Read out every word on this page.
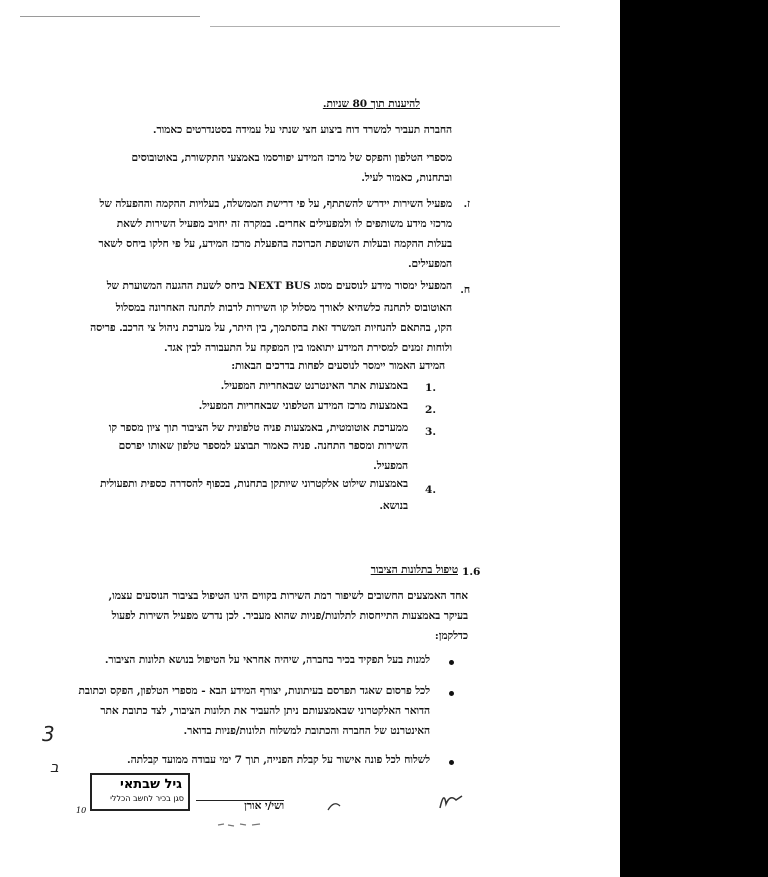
להיענות תוך 80 שניות.
החברה תעביר למשרד דוח ביצוע חצי שנתי על עמידה בסטנדרטים כאמור.
מספרי הטלפון והפקס של מרכז המידע יפורסמו באמצעי התקשורת, באוטובוסים
ובתחנות, כאמור לעיל.
ז.
מפעיל השירות יידרש להשתתף, על פי דרישת הממשלה, בעלויות ההקמה וההפעלה של
מרכזי מידע משותפים לו ולמפעילים אחרים. במקרה זה יחויב מפעיל השירות לשאת
בעלות ההקמה ובעלות השוטפת הכרוכה בהפעלת מרכז המידע, על פי חלקו ביחס לשאר
המפעילים.
ח.
המפעיל ימסור מידע לנוסעים מסוג NEXT BUS ביחס לשעת ההגעה המשוערת של
האוטובוס לתחנה כלשהיא לאורך מסלול קו השירות לרבות לתחנה האחרונה במסלול
הקו, בהתאם להנחיות המשרד זאת בהסתמך, בין היתר, על מערכת ניהול צי הרכב. פריסה
ולוחות זמנים למסירת המידע יתואמו בין המפקח על התעבורה לבין אגד.
המידע האמור יימסר לנוסעים לפחות בדרכים הבאות:
1.
באמצעות אתר האינטרנט שבאחריות המפעיל.
2.
באמצעות מרכז המידע הטלפוני שבאחריות המפעיל.
3.
ממערכת אוטומטית, באמצעות פניה טלפונית של הציבור תוך ציון מספר קו
השירות ומספר התחנה. פניה כאמור תבוצע למספר טלפון שאותו יפרסם
המפעיל.
4.
באמצעות שילוט אלקטרוני שיותקן בתחנות, בכפוף להסדרה כספית ותפעולית
בנושא.
1.6
טיפול בתלונות הציבור
אחד האמצעים החשובים לשיפור רמת השירות בקווים הינו הטיפול בציבור הנוסעים עצמו,
בעיקר באמצעות התייחסות לתלונות/פניות שהוא מעביר. לכן נדרש מפעיל השירות לפעול
כדלקמן:
למנות בעל תפקיד בכיר בחברה, שיהיה אחראי על הטיפול בנושא תלונות הציבור.
לכל פרסום שאגד תפרסם בעיתונות, יצורף המידע הבא - מספרי הטלפון, הפקס וכתובת
הדואר האלקטרוני שבאמצעותם ניתן להעביר את תלונות הציבור, לצד כתובת אתר
האינטרנט של החברה והכתובת למשלוח תלונות/פניות בדואר.
לשלוח לכל פונה אישור על קבלת הפנייה, תוך 7 ימי עבודה ממועד קבלתה.
3
ב
גיל שבתאי
סגן בכיר לחשב הכללי
ושי/י אורן
10
